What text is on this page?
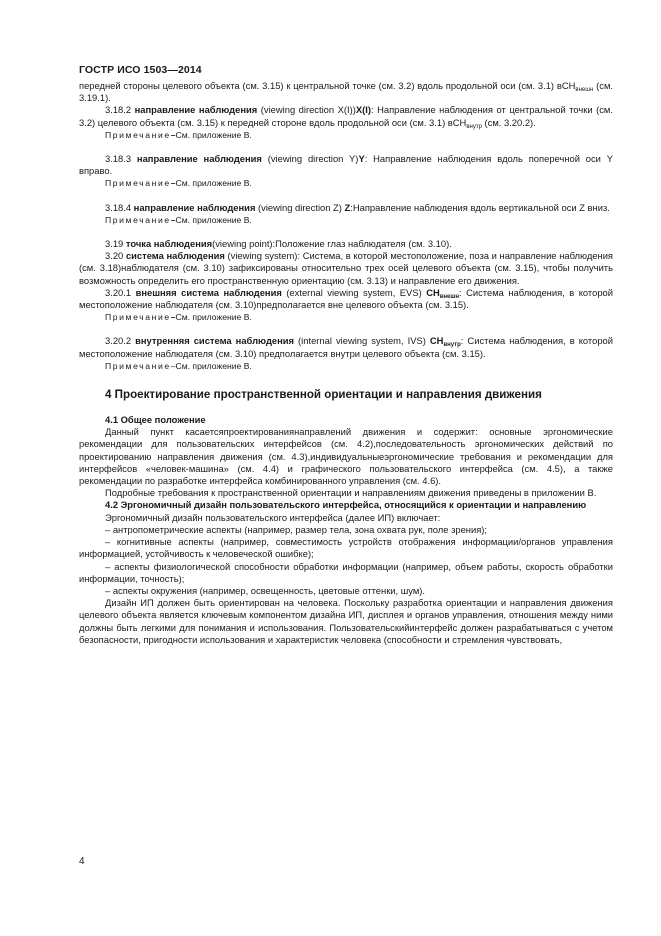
ГОСТР ИСО 1503—2014

передней стороны целевого объекта (см. 3.15) к центральной точке (см. 3.2) вдоль продольной оси (см. 3.1) вСН$_{внешн}$ (см. 3.19.1).

3.18.2 направление наблюдения (viewing direction X(I))X(I): Направление наблюдения от центральной точки (см. 3.2) целевого объекта (см. 3.15) к передней стороне вдоль продольной оси (см. 3.1) вСН$_{внутр}$ (см. 3.20.2).

Примечание–См. приложение В.

3.18.3 направление наблюдения (viewing direction Y)Y: Направление наблюдения вдоль поперечной оси Y вправо.

Примечание–См. приложение В.

3.18.4 направление наблюдения (viewing direction Z) Z:Направление наблюдения вдоль вертикальной оси Z вниз.

Примечание–См. приложение В.

3.19 точка наблюдения(viewing point):Положение глаз наблюдателя (см. 3.10).

3.20 система наблюдения (viewing system): Система, в которой местоположение, поза и направление наблюдения (см. 3.18)наблюдателя (см. 3.10) зафиксированы относительно трех осей целевого объекта (см. 3.15), чтобы получить возможность определить его пространственную ориентацию (см. 3.13) и направление его движения.

3.20.1 внешняя система наблюдения (external viewing system, EVS) $СН_{внешн}$: Система наблюдения, в которой местоположение наблюдателя (см. 3.10)предполагается вне целевого объекта (см. 3.15).

Примечание–См. приложение В.

3.20.2 внутренняя система наблюдения (internal viewing system, IVS) $СН_{внутр}$: Система наблюдения, в которой местоположение наблюдателя (см. 3.10) предполагается внутри целевого объекта (см. 3.15).

Примечание–См. приложение В.

4 Проектирование пространственной ориентации и направления движения

4.1 Общее положение

Данный пункт касаетсяпроектированиянаправлений движения и содержит: основные эргономические рекомендации для пользовательских интерфейсов (см. 4.2),последовательность эргономических действий по проектированию направления движения (см. 4.3),индивидуальныеэргономические требования и рекомендации для интерфейсов «человек-машина» (см. 4.4) и графического пользовательского интерфейса (см. 4.5), а также рекомендации по разработке интерфейса комбинированного управления (см. 4.6).

Подробные требования к пространственной ориентации и направлениям движения приведены в приложении В.

4.2 Эргономичный дизайн пользовательского интерфейса, относящийся к ориентации и направлению

Эргономичный дизайн пользовательского интерфейса (далее ИП) включает:

– антропометрические аспекты (например, размер тела, зона охвата рук, поле зрения);

– когнитивные аспекты (например, совместимость устройств отображения информации/органов управления информацией, устойчивость к человеческой ошибке);

– аспекты физиологической способности обработки информации (например, объем работы, скорость обработки информации, точность);

– аспекты окружения (например, освещенность, цветовые оттенки, шум).

Дизайн ИП должен быть ориентирован на человека. Поскольку разработка ориентации и направления движения целевого объекта является ключевым компонентом дизайна ИП, дисплея и органов управления, отношения между ними должны быть легкими для понимания и использования. Пользовательскийинтерфейс должен разрабатываться с учетом безопасности, пригодности использования и характеристик человека (способности и стремления чувствовать,

4
